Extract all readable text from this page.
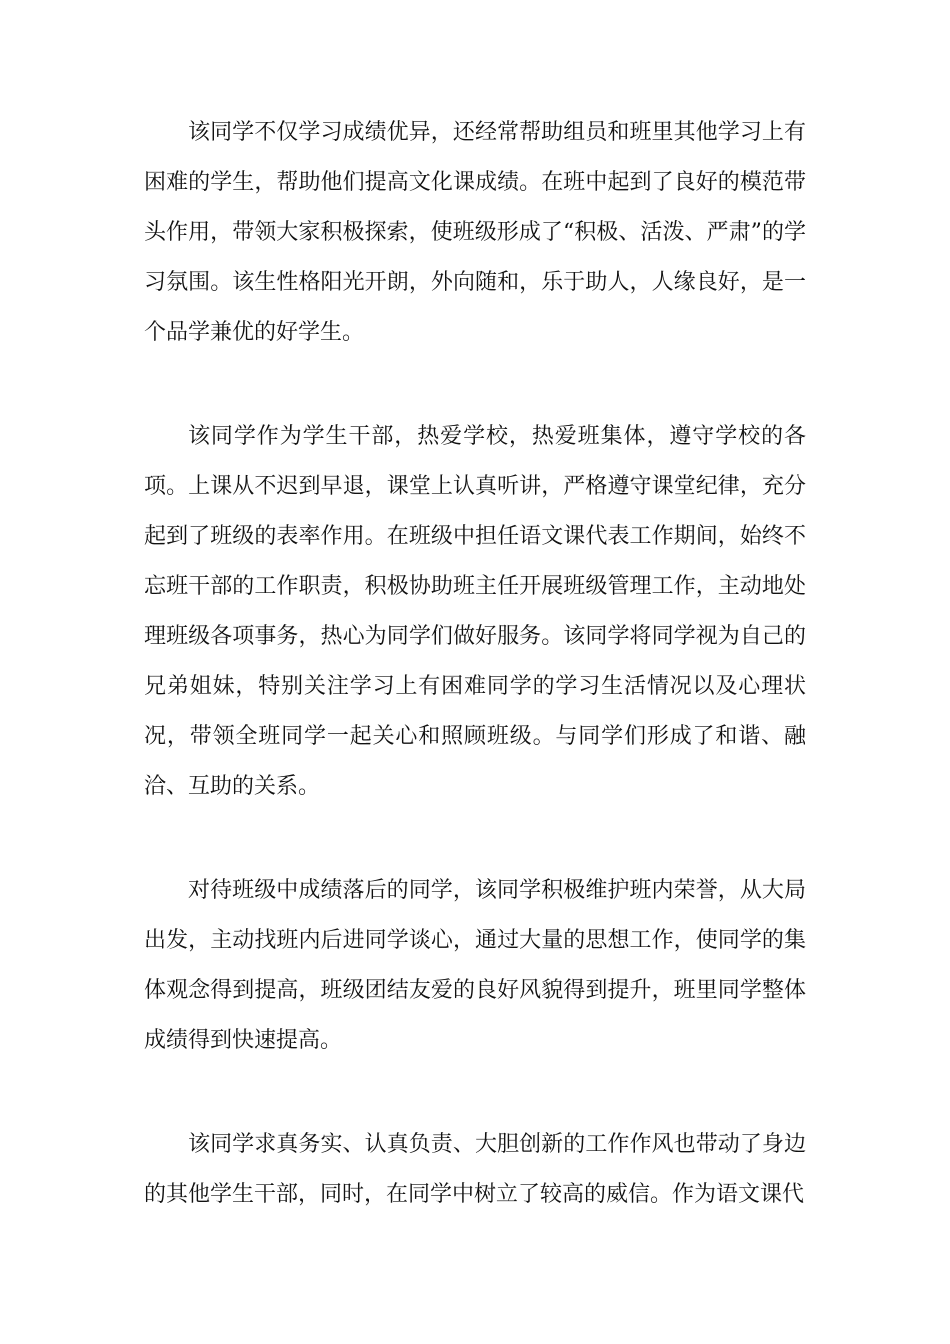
该同学不仅学习成绩优异，还经常帮助组员和班里其他学习上有困难的学生，帮助他们提高文化课成绩。在班中起到了良好的模范带头作用，带领大家积极探索，使班级形成了“积极、活泼、严肃”的学习氛围。该生性格阳光开朗，外向随和，乐于助人，人缘良好，是一个品学兼优的好学生。

该同学作为学生干部，热爱学校，热爱班集体，遵守学校的各项。上课从不迟到早退，课堂上认真听讲，严格遵守课堂纪律，充分起到了班级的表率作用。在班级中担任语文课代表工作期间，始终不忘班干部的工作职责，积极协助班主任开展班级管理工作，主动地处理班级各项事务，热心为同学们做好服务。该同学将同学视为自己的兄弟姐妹，特别关注学习上有困难同学的学习生活情况以及心理状况，带领全班同学一起关心和照顾班级。与同学们形成了和谐、融洽、互助的关系。

对待班级中成绩落后的同学，该同学积极维护班内荣誉，从大局出发，主动找班内后进同学谈心，通过大量的思想工作，使同学的集体观念得到提高，班级团结友爱的良好风貌得到提升，班里同学整体成绩得到快速提高。

该同学求真务实、认真负责、大胆创新的工作作风也带动了身边的其他学生干部，同时，在同学中树立了较高的威信。作为语文课代
